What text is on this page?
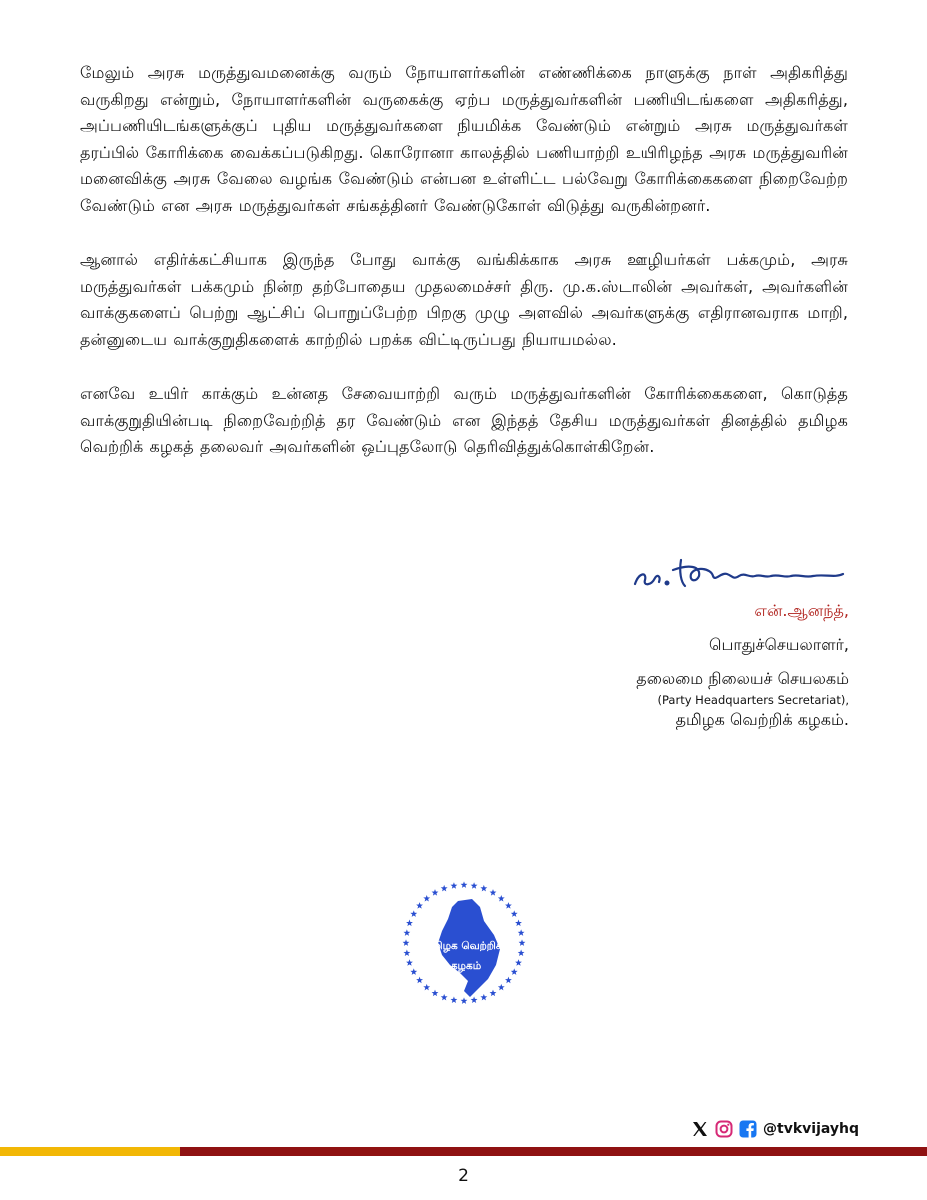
மேலும் அரசு மருத்துவமனைக்கு வரும் நோயாளர்களின் எண்ணிக்கை நாளுக்கு நாள் அதிகரித்து வருகிறது என்றும், நோயாளர்களின் வருகைக்கு ஏற்ப மருத்துவர்களின் பணியிடங்களை அதிகரித்து, அப்பணியிடங்களுக்குப் புதிய மருத்துவர்களை நியமிக்க வேண்டும் என்றும் அரசு மருத்துவர்கள் தரப்பில் கோரிக்கை வைக்கப்படுகிறது. கொரோனா காலத்தில் பணியாற்றி உயிரிழந்த அரசு மருத்துவரின் மனைவிக்கு அரசு வேலை வழங்க வேண்டும் என்பன உள்ளிட்ட பல்வேறு கோரிக்கைகளை நிறைவேற்ற வேண்டும் என அரசு மருத்துவர்கள் சங்கத்தினர் வேண்டுகோள் விடுத்து வருகின்றனர்.

ஆனால் எதிர்க்கட்சியாக இருந்த போது வாக்கு வங்கிக்காக அரசு ஊழியர்கள் பக்கமும், அரசு மருத்துவர்கள் பக்கமும் நின்ற தற்போதைய முதலமைச்சர் திரு. மு.க.ஸ்டாலின் அவர்கள், அவர்களின் வாக்குகளைப் பெற்று ஆட்சிப் பொறுப்பேற்ற பிறகு முழு அளவில் அவர்களுக்கு எதிரானவராக மாறி, தன்னுடைய வாக்குறுதிகளைக் காற்றில் பறக்க விட்டிருப்பது நியாயமல்ல.

எனவே உயிர் காக்கும் உன்னத சேவையாற்றி வரும் மருத்துவர்களின் கோரிக்கைகளை, கொடுத்த வாக்குறுதியின்படி நிறைவேற்றித் தர வேண்டும் என இந்தத் தேசிய மருத்துவர்கள் தினத்தில் தமிழக வெற்றிக் கழகத் தலைவர் அவர்களின் ஒப்புதலோடு தெரிவித்துக்கொள்கிறேன்.

என்.ஆனந்த்,
பொதுச்செயலாளர்,
தலைமை நிலையச் செயலகம்
(Party Headquarters Secretariat),
தமிழக வெற்றிக் கழகம்.
தமிழக வெற்றிக்
கழகம்
@tvkvijayhq
2
